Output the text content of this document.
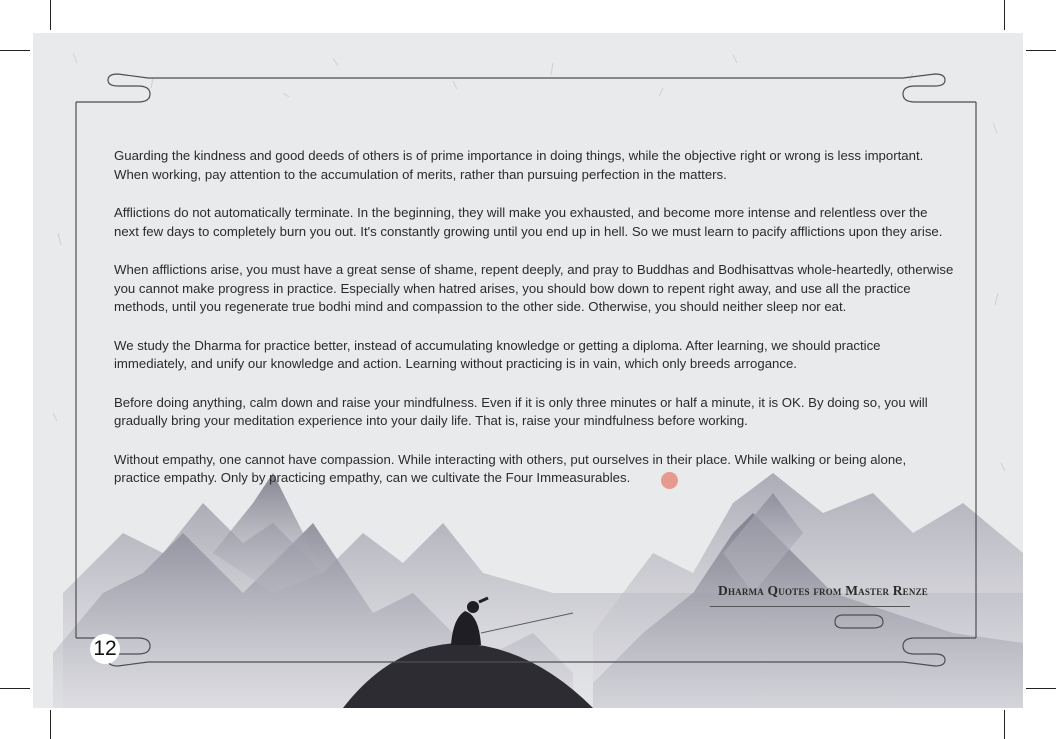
Guarding the kindness and good deeds of others is of prime importance in doing things, while the objective right or wrong is less important. When working, pay attention to the accumulation of merits, rather than pursuing perfection in the matters.

Afflictions do not automatically terminate. In the beginning, they will make you exhausted, and become more intense and relentless over the next few days to completely burn you out. It's constantly growing until you end up in hell. So we must learn to pacify afflictions upon they arise.

When afflictions arise, you must have a great sense of shame, repent deeply, and pray to Buddhas and Bodhisattvas whole-heartedly, otherwise you cannot make progress in practice. Especially when hatred arises, you should bow down to repent right away, and use all the practice methods, until you regenerate true bodhi mind and compassion to the other side. Otherwise, you should neither sleep nor eat.

We study the Dharma for practice better, instead of accumulating knowledge or getting a diploma. After learning, we should practice immediately, and unify our knowledge and action. Learning without practicing is in vain, which only breeds arrogance.

Before doing anything, calm down and raise your mindfulness. Even if it is only three minutes or half a minute, it is OK. By doing so, you will gradually bring your meditation experience into your daily life. That is, raise your mindfulness before working.

Without empathy, one cannot have compassion. While interacting with others, put ourselves in their place. While walking or being alone, practice empathy. Only by practicing empathy, can we cultivate the Four Immeasurables.

Dharma Quotes from Master Renze
12
